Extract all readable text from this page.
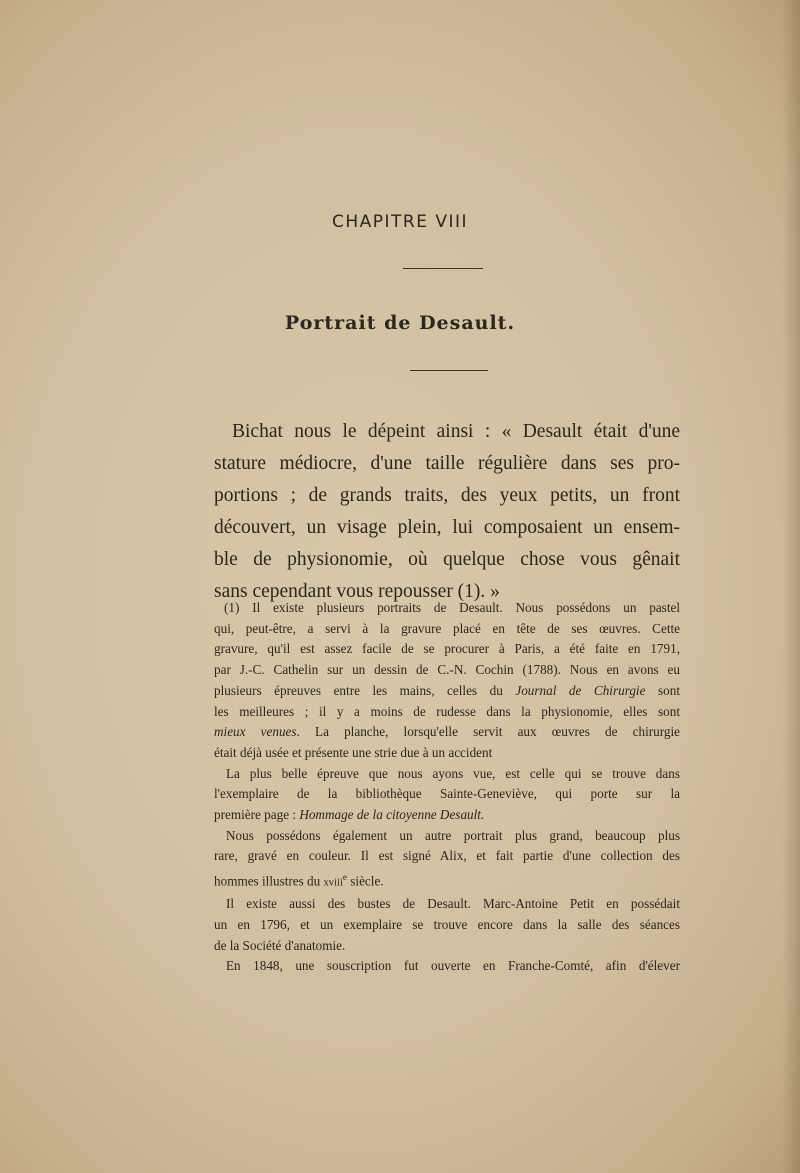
CHAPITRE VIII
Portrait de Desault.
Bichat nous le dépeint ainsi : « Desault était d'une
stature médiocre, d'une taille régulière dans ses pro-
portions ; de grands traits, des yeux petits, un front
découvert, un visage plein, lui composaient un ensem-
ble de physionomie, où quelque chose vous gênait
sans cependant vous repousser (1). »
(1) Il existe plusieurs portraits de Desault. Nous possédons un pastel
qui, peut-être, a servi à la gravure placé en tête de ses œuvres. Cette
gravure, qu'il est assez facile de se procurer à Paris, a été faite en 1791,
par J.-C. Cathelin sur un dessin de C.-N. Cochin (1788). Nous en avons eu
plusieurs épreuves entre les mains, celles du Journal de Chirurgie sont
les meilleures ; il y a moins de rudesse dans la physionomie, elles sont
mieux venues. La planche, lorsqu'elle servit aux œuvres de chirurgie
était déjà usée et présente une strie due à un accident
La plus belle épreuve que nous ayons vue, est celle qui se trouve dans
l'exemplaire de la bibliothèque Sainte-Geneviève, qui porte sur la
première page : Hommage de la citoyenne Desault.
Nous possédons également un autre portrait plus grand, beaucoup plus
rare, gravé en couleur. Il est signé Alix, et fait partie d'une collection des
hommes illustres du xviii$^e$ siècle.
Il existe aussi des bustes de Desault. Marc-Antoine Petit en possédait
un en 1796, et un exemplaire se trouve encore dans la salle des séances
de la Société d'anatomie.
En 1848, une souscription fut ouverte en Franche-Comté, afin d'élever
